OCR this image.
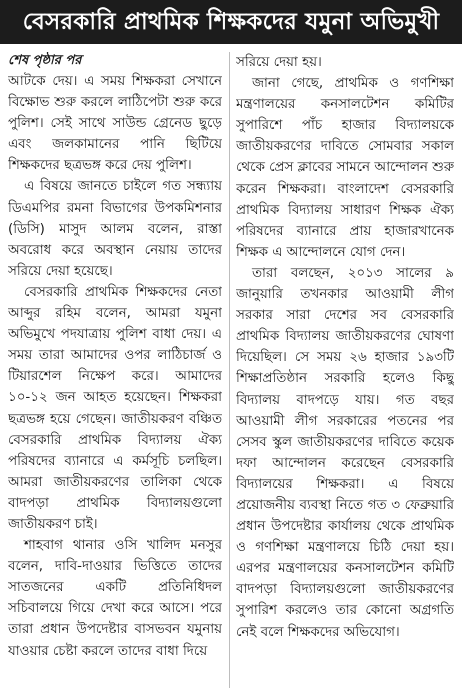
বেসরকারি প্রাথমিক শিক্ষকদের যমুনা অভিমুখী
শেষ পৃষ্ঠার পর

আটকে দেয়। এ সময় শিক্ষকরা সেখানে বিক্ষোভ শুরু করলে লাঠিপেটা শুরু করে পুলিশ। সেই সাথে সাউন্ড গ্রেনেড ছুড়ে এবং জলকামানের পানি ছিটিয়ে শিক্ষকদের ছত্রভঙ্গ করে দেয় পুলিশ।

এ বিষয়ে জানতে চাইলে গত সন্ধ্যায় ডিএমপির রমনা বিভাগের উপকমিশনার (ডিসি) মাসুদ আলম বলেন, রাস্তা অবরোধ করে অবস্থান নেয়ায় তাদের সরিয়ে দেয়া হয়েছে।

বেসরকারি প্রাথমিক শিক্ষকদের নেতা আব্দুর রহিম বলেন, আমরা যমুনা অভিমুখে পদযাত্রায় পুলিশ বাধা দেয়। এ সময় তারা আমাদের ওপর লাঠিচার্জ ও টিয়ারশেল নিক্ষেপ করে। আমাদের ১০-১২ জন আহত হয়েছেন। শিক্ষকরা ছত্রভঙ্গ হয়ে গেছেন। জাতীয়করণ বঞ্চিত বেসরকারি প্রাথমিক বিদ্যালয় ঐক্য পরিষদের ব্যানারে এ কর্মসূচি চলছিল। আমরা জাতীয়করণের তালিকা থেকে বাদপড়া প্রাথমিক বিদ্যালয়গুলো জাতীয়করণ চাই।

শাহবাগ থানার ওসি খালিদ মনসুর বলেন, দাবি-দাওয়ার ভিত্তিতে তাদের সাতজনের একটি প্রতিনিধিদল সচিবালয়ে গিয়ে দেখা করে আসে। পরে তারা প্রধান উপদেষ্টার বাসভবন যমুনায় যাওয়ার চেষ্টা করলে তাদের বাধা দিয়ে

সরিয়ে দেয়া হয়।

জানা গেছে, প্রাথমিক ও গণশিক্ষা মন্ত্রণালয়ের কনসালটেশন কমিটির সুপারিশে পাঁচ হাজার বিদ্যালয়কে জাতীয়করণের দাবিতে সোমবার সকাল থেকে প্রেস ক্লাবের সামনে আন্দোলন শুরু করেন শিক্ষকরা। বাংলাদেশ বেসরকারি প্রাথমিক বিদ্যালয় সাধারণ শিক্ষক ঐক্য পরিষদের ব্যানারে প্রায় হাজারখানেক শিক্ষক এ আন্দোলনে যোগ দেন।

তারা বলছেন, ২০১৩ সালের ৯ জানুয়ারি তখনকার আওয়ামী লীগ সরকার সারা দেশের সব বেসরকারি প্রাথমিক বিদ্যালয় জাতীয়করণের ঘোষণা দিয়েছিল। সে সময় ২৬ হাজার ১৯৩টি শিক্ষাপ্রতিষ্ঠান সরকারি হলেও কিছু বিদ্যালয় বাদপড়ে যায়। গত বছর আওয়ামী লীগ সরকারের পতনের পর সেসব স্কুল জাতীয়করণের দাবিতে কয়েক দফা আন্দোলন করেছেন বেসরকারি বিদ্যালয়ের শিক্ষকরা। এ বিষয়ে প্রয়োজনীয় ব্যবস্থা নিতে গত ৩ ফেব্রুয়ারি প্রধান উপদেষ্টার কার্যালয় থেকে প্রাথমিক ও গণশিক্ষা মন্ত্রণালয়ে চিঠি দেয়া হয়। এরপর মন্ত্রণালয়ের কনসালটেশন কমিটি বাদপড়া বিদ্যালয়গুলো জাতীয়করণের সুপারিশ করলেও তার কোনো অগ্রগতি নেই বলে শিক্ষকদের অভিযোগ।
